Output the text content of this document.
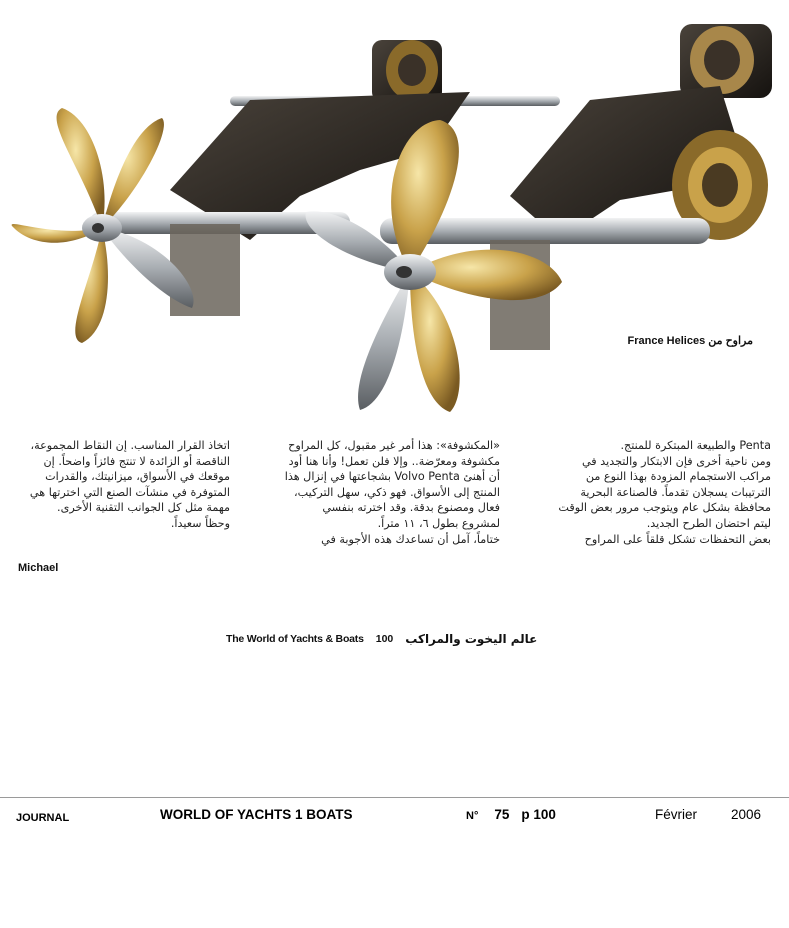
مراوح من France Helices
Penta والطبيعة المبتكرة للمنتج.
ومن ناحية أخرى فإن الابتكار والتجديد في
مراكب الاستجمام المزودة بهذا النوع من
الترتيبات يسجلان تقدماً. فالصناعة البحرية
محافظة بشكل عام ويتوجب مرور بعض الوقت
ليتم احتضان الطرح الجديد.
بعض التحفظات تشكل قلقاً على المراوح
«المكشوفة»: هذا أمر غير مقبول، كل المراوح
مكشوفة ومعرّضة.. وإلا فلن تعمل! وأنا هنا أود
أن أهنئ Volvo Penta بشجاعتها في إنزال هذا
المنتج إلى الأسواق. فهو ذكي، سهل التركيب،
فعال ومصنوع بدقة. وقد اخترته بنفسي
لمشروع بطول ٦، ١١ متراً.
ختاماً، آمل أن تساعدك هذه الأجوبة في
اتخاذ القرار المناسب. إن النقاط المجموعة،
الناقصة أو الزائدة لا تنتج فائزاً واضحاً. إن
موقعك في الأسواق، ميزانيتك، والقدرات
المتوفرة في منشآت الصنع التي اخترتها هي
مهمة مثل كل الجوانب التقنية الأخرى.
وحظاً سعيداً.
Michael
The World of Yachts & Boats 100 عالم اليخوت والمراكب
JOURNAL	WORLD OF YACHTS 1 BOATS	N° 75 p 100	Février	2006
